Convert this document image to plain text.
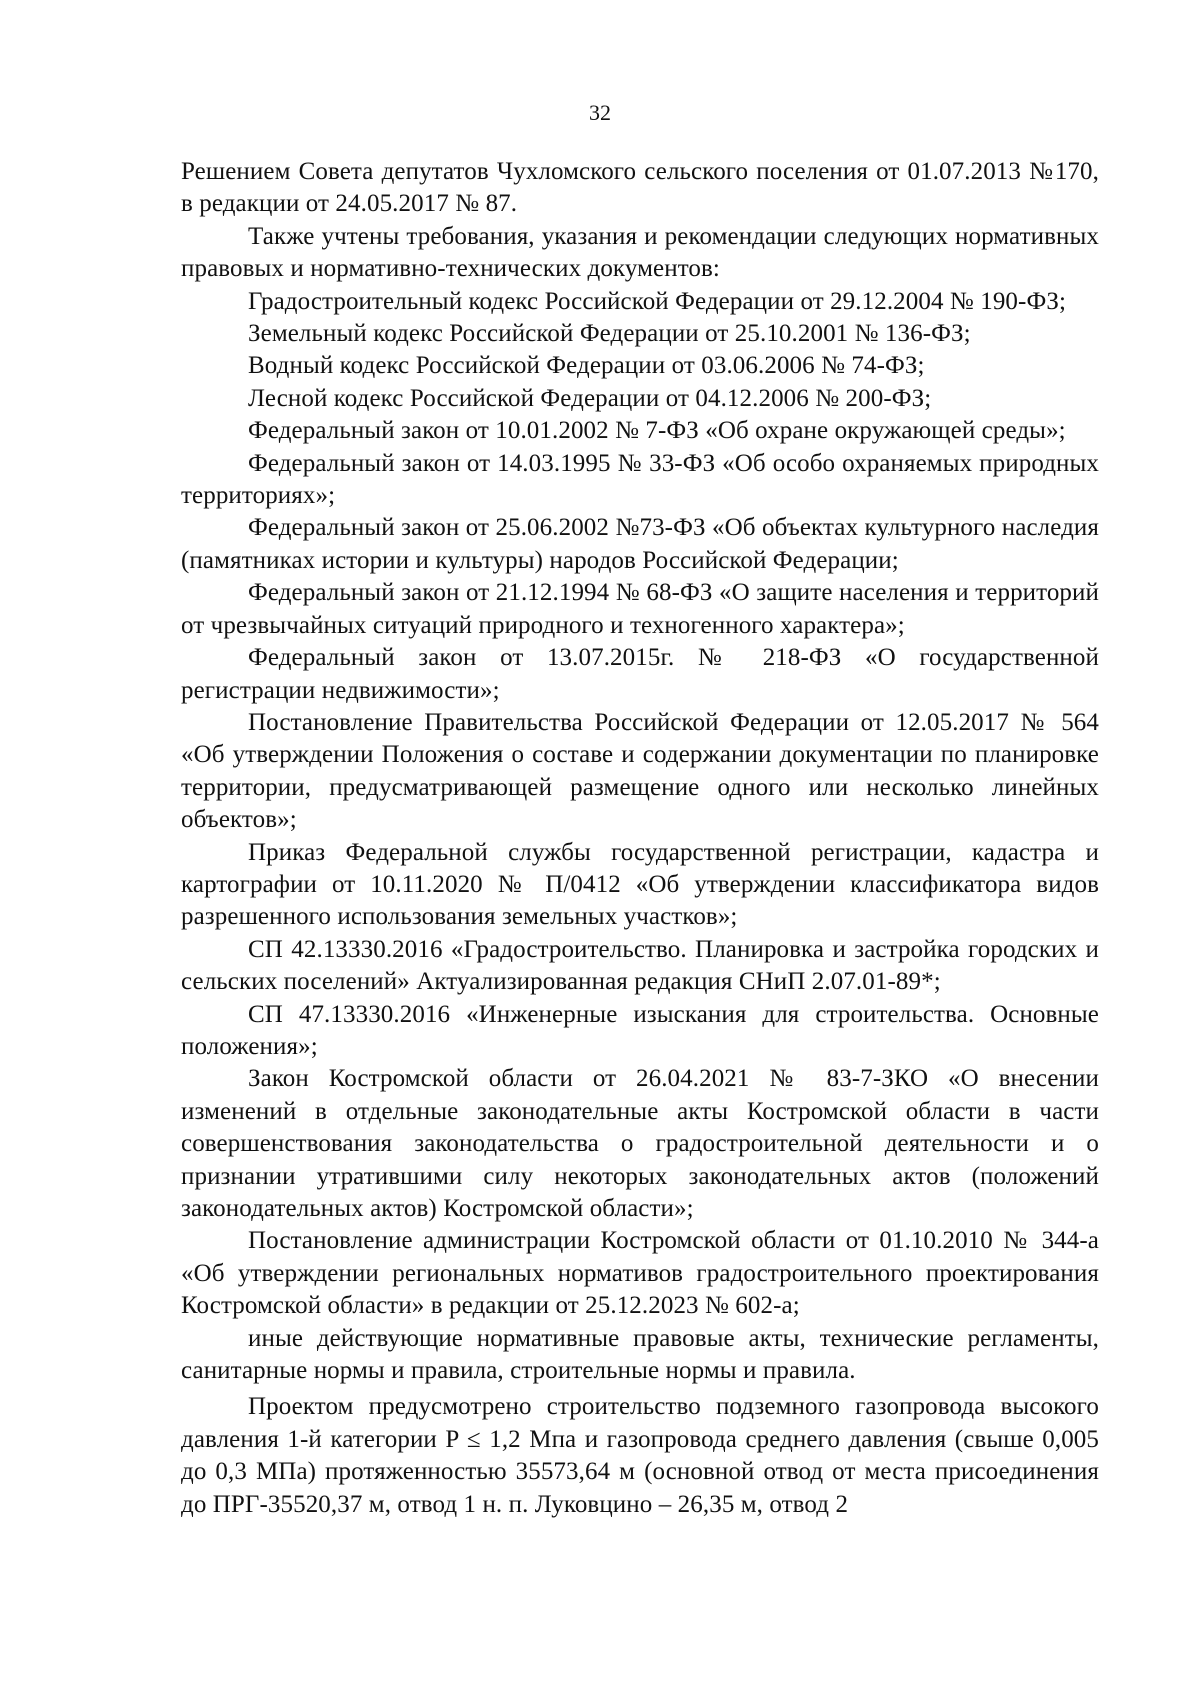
32

Решением Совета депутатов Чухломского сельского поселения от 01.07.2013 №170, в редакции от 24.05.2017 № 87.

Также учтены требования, указания и рекомендации следующих нормативных правовых и нормативно-технических документов:

Градостроительный кодекс Российской Федерации от 29.12.2004 № 190-ФЗ;

Земельный кодекс Российской Федерации от 25.10.2001 № 136-ФЗ;

Водный кодекс Российской Федерации от 03.06.2006 № 74-ФЗ;

Лесной кодекс Российской Федерации от 04.12.2006 № 200-ФЗ;

Федеральный закон от 10.01.2002 № 7-ФЗ «Об охране окружающей среды»;

Федеральный закон от 14.03.1995 № 33-ФЗ «Об особо охраняемых природных территориях»;

Федеральный закон от 25.06.2002 №73-ФЗ «Об объектах культурного наследия (памятниках истории и культуры) народов Российской Федерации;

Федеральный закон от 21.12.1994 № 68-ФЗ «О защите населения и территорий от чрезвычайных ситуаций природного и техногенного характера»;

Федеральный закон от 13.07.2015г. № 218-ФЗ «О государственной регистрации недвижимости»;

Постановление Правительства Российской Федерации от 12.05.2017 № 564 «Об утверждении Положения о составе и содержании документации по планировке территории, предусматривающей размещение одного или несколько линейных объектов»;

Приказ Федеральной службы государственной регистрации, кадастра и картографии от 10.11.2020 № П/0412 «Об утверждении классификатора видов разрешенного использования земельных участков»;

СП 42.13330.2016 «Градостроительство. Планировка и застройка городских и сельских поселений» Актуализированная редакция СНиП 2.07.01-89*;

СП 47.13330.2016 «Инженерные изыскания для строительства. Основные положения»;

Закон Костромской области от 26.04.2021 № 83-7-ЗКО «О внесении изменений в отдельные законодательные акты Костромской области в части совершенствования законодательства о градостроительной деятельности и о признании утратившими силу некоторых законодательных актов (положений законодательных актов) Костромской области»;

Постановление администрации Костромской области от 01.10.2010 № 344-а «Об утверждении региональных нормативов градостроительного проектирования Костромской области» в редакции от 25.12.2023 № 602-а;

иные действующие нормативные правовые акты, технические регламенты, санитарные нормы и правила, строительные нормы и правила.

Проектом предусмотрено строительство подземного газопровода высокого давления 1-й категории P ≤ 1,2 Мпа и газопровода среднего давления (свыше 0,005 до 0,3 МПа) протяженностью 35573,64 м (основной отвод от места присоединения до ПРГ-35520,37 м, отвод 1 н. п. Луковцино – 26,35 м, отвод 2
